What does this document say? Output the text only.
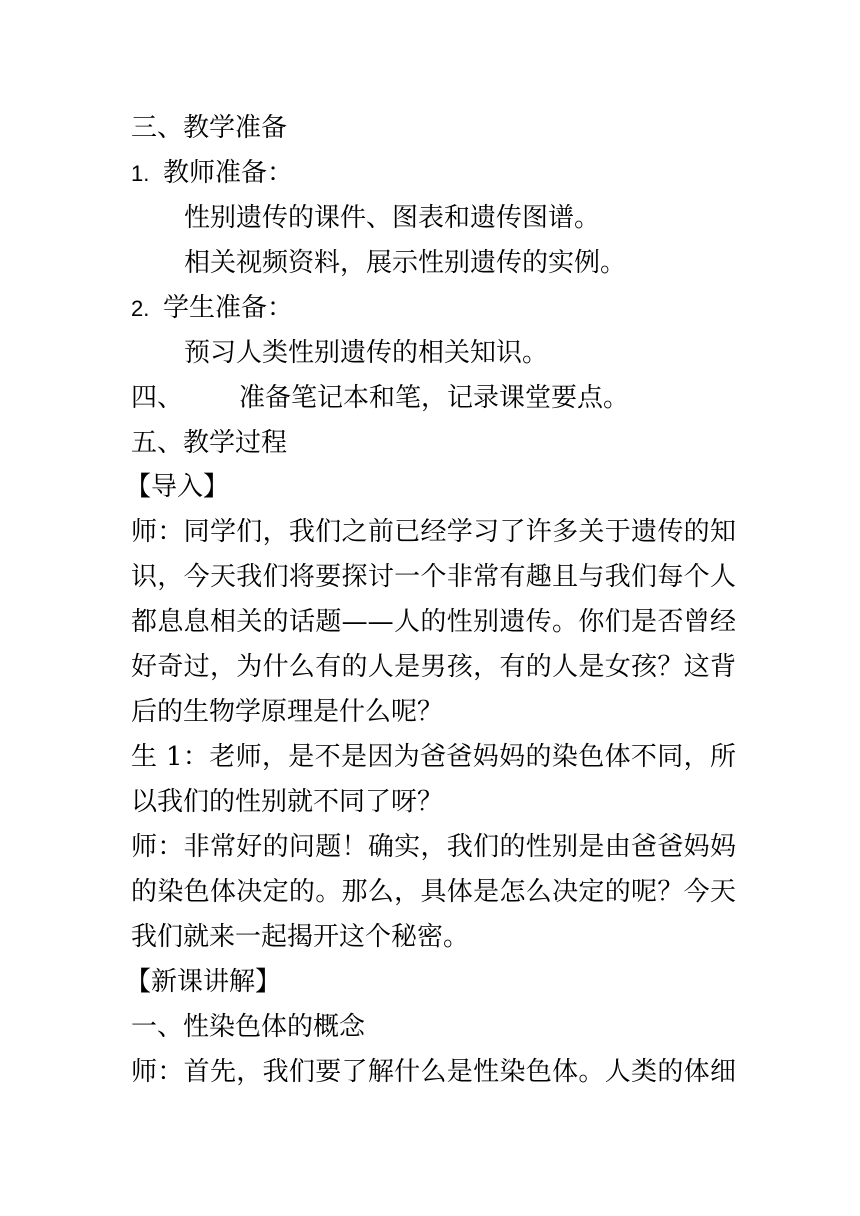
三、教学准备
1. 教师准备：
性别遗传的课件、图表和遗传图谱。
相关视频资料，展示性别遗传的实例。
2. 学生准备：
预习人类性别遗传的相关知识。
四、 准备笔记本和笔，记录课堂要点。
五、教学过程
【导入】
师：同学们，我们之前已经学习了许多关于遗传的知
识，今天我们将要探讨一个非常有趣且与我们每个人
都息息相关的话题——人的性别遗传。你们是否曾经
好奇过，为什么有的人是男孩，有的人是女孩？这背
后的生物学原理是什么呢？
生 1：老师，是不是因为爸爸妈妈的染色体不同，所
以我们的性别就不同了呀？
师：非常好的问题！确实，我们的性别是由爸爸妈妈
的染色体决定的。那么，具体是怎么决定的呢？今天
我们就来一起揭开这个秘密。
【新课讲解】
一、性染色体的概念
师：首先，我们要了解什么是性染色体。人类的体细
